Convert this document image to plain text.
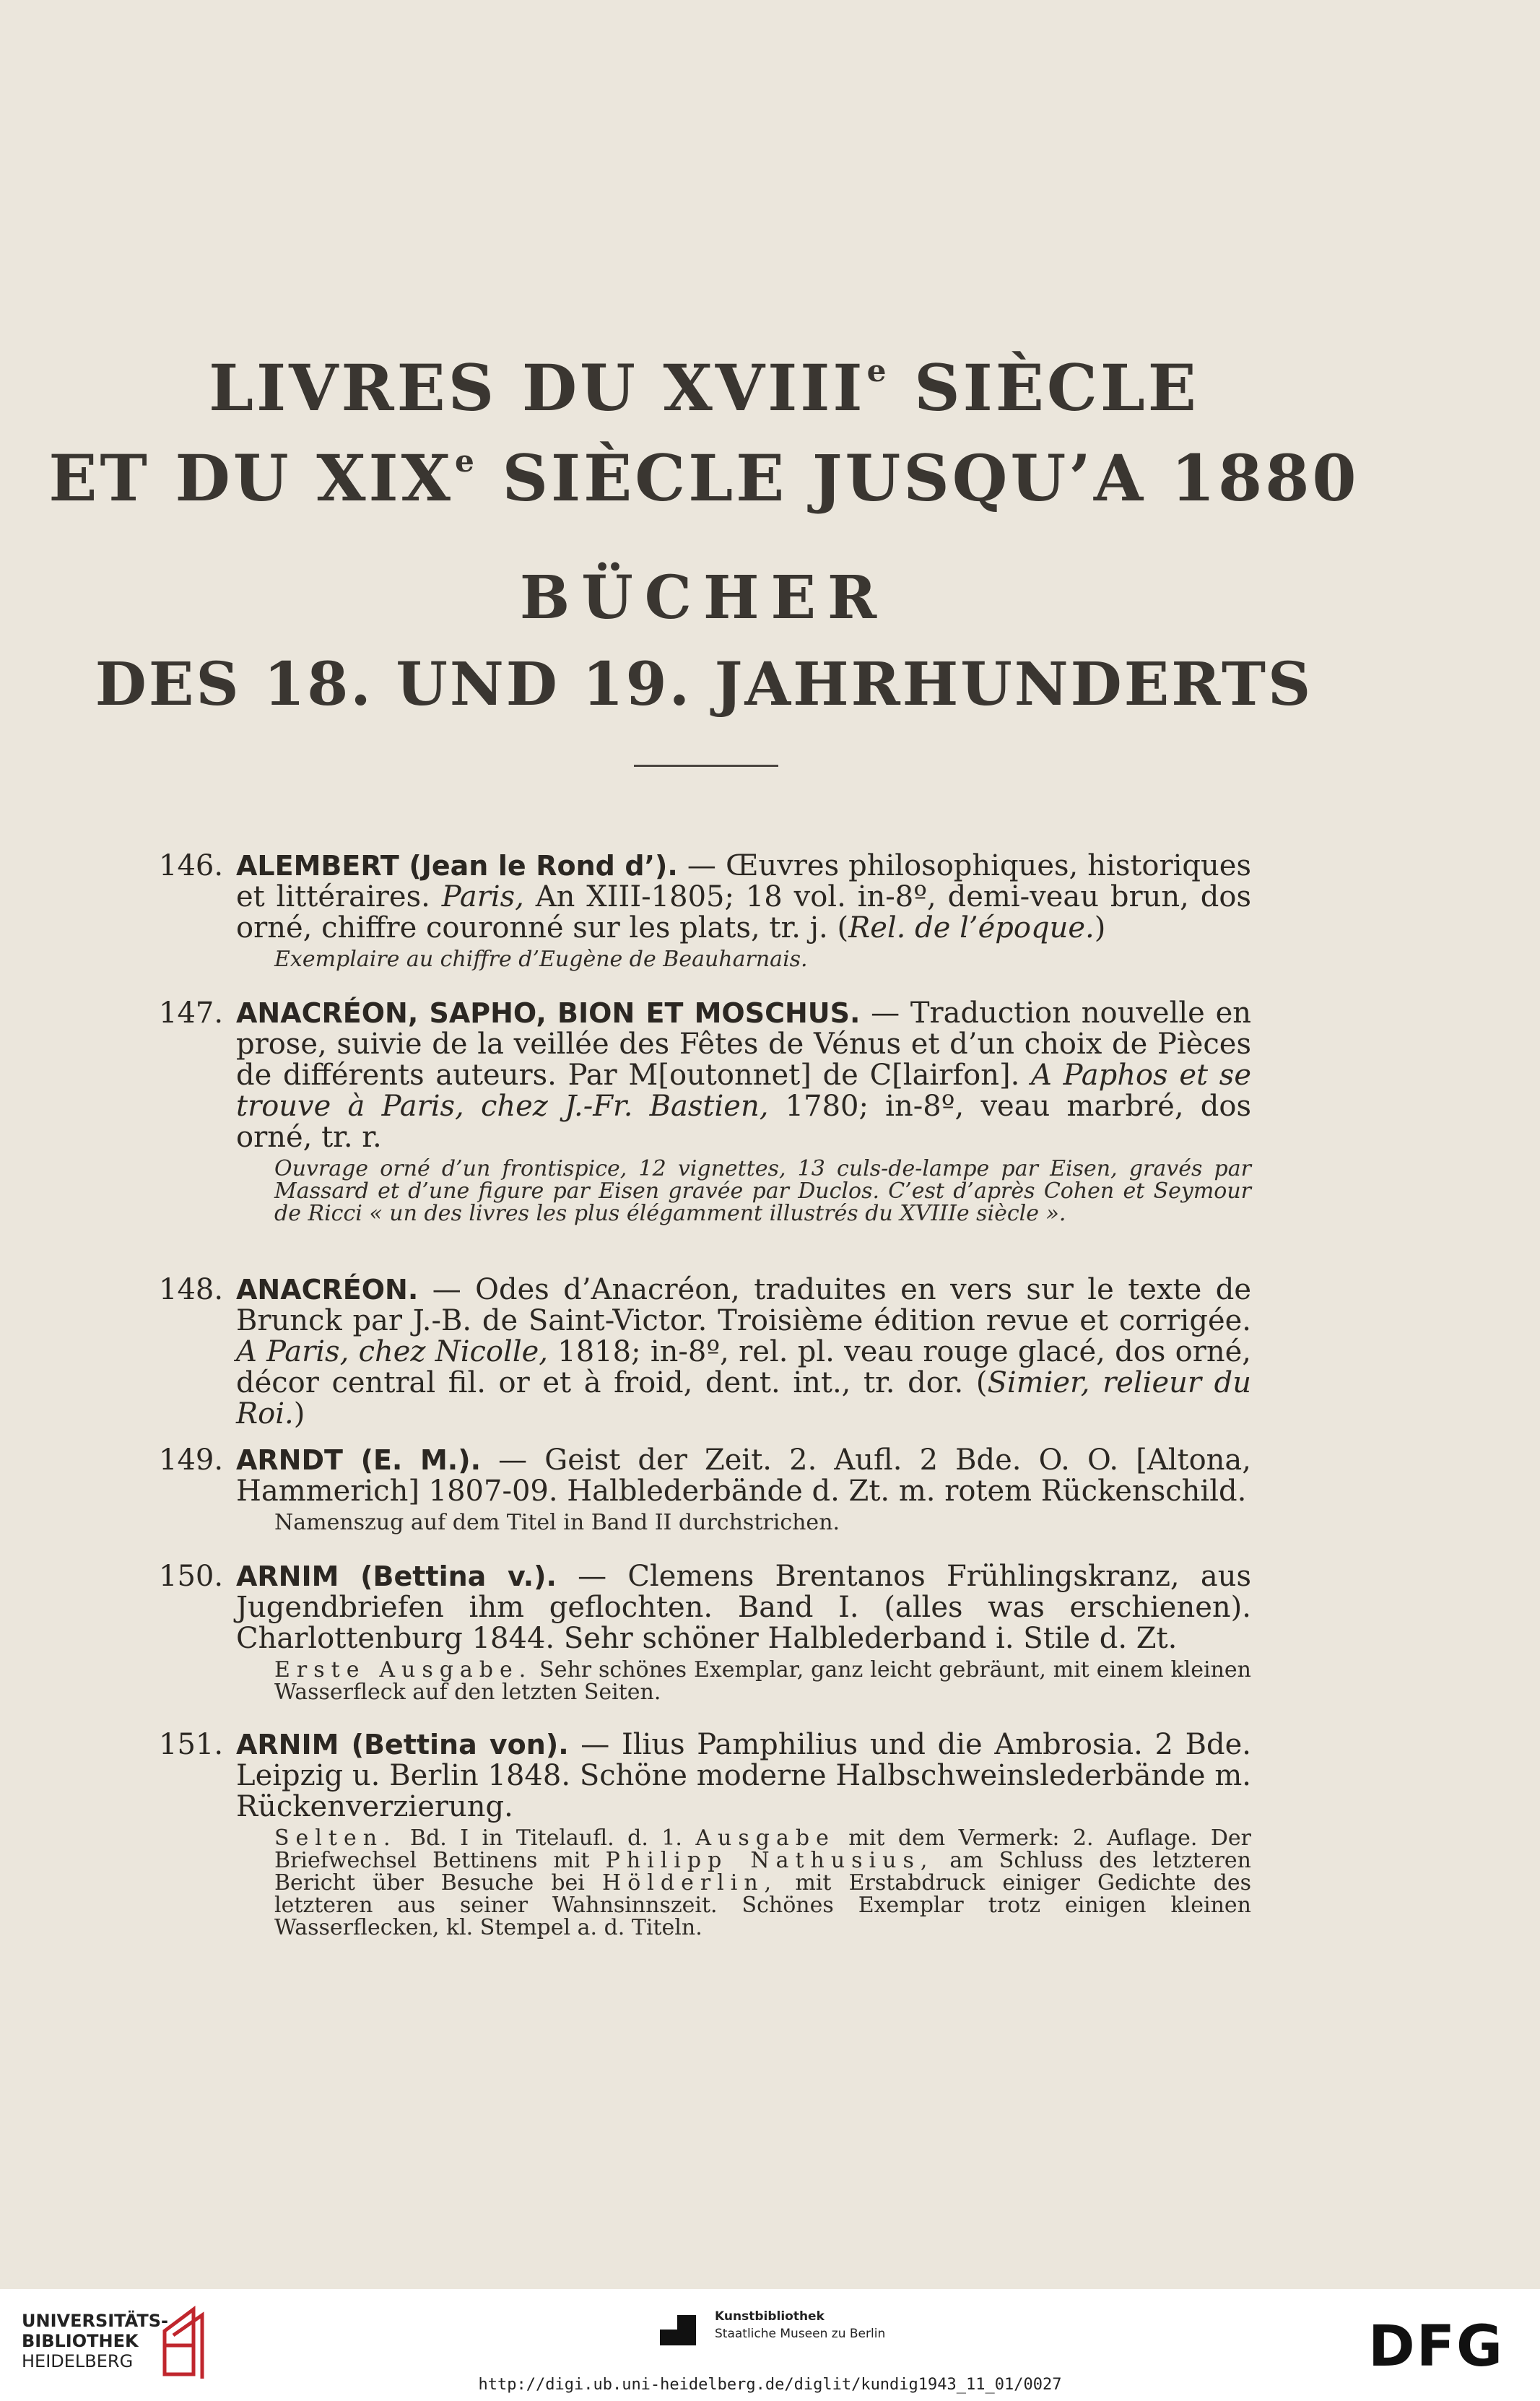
LIVRES DU XVIIIe SIÈCLE
ET DU XIXe SIÈCLE JUSQU’A 1880
BÜCHER
DES 18. UND 19. JAHRHUNDERTS
146. ALEMBERT (Jean le Rond d’). — Œuvres philosophiques, historiques et littéraires. Paris, An XIII-1805; 18 vol. in-8º, demi-veau brun, dos orné, chiffre couronné sur les plats, tr. j. (Rel. de l’époque.)
Exemplaire au chiffre d’Eugène de Beauharnais.
147. ANACRÉON, SAPHO, BION ET MOSCHUS. — Traduction nouvelle en prose, suivie de la veillée des Fêtes de Vénus et d’un choix de Pièces de différents auteurs. Par M[outonnet] de C[lairfon]. A Paphos et se trouve à Paris, chez J.-Fr. Bastien, 1780; in-8º, veau marbré, dos orné, tr. r.
Ouvrage orné d’un frontispice, 12 vignettes, 13 culs-de-lampe par Eisen, gravés par Massard et d’une figure par Eisen gravée par Duclos. C’est d’après Cohen et Seymour de Ricci « un des livres les plus élégamment illustrés du XVIIIe siècle ».
148. ANACRÉON. — Odes d’Anacréon, traduites en vers sur le texte de Brunck par J.-B. de Saint-Victor. Troisième édition revue et corrigée. A Paris, chez Nicolle, 1818; in-8º, rel. pl. veau rouge glacé, dos orné, décor central fil. or et à froid, dent. int., tr. dor. (Simier, relieur du Roi.)
149. ARNDT (E. M.). — Geist der Zeit. 2. Aufl. 2 Bde. O. O. [Altona, Hammerich] 1807-09. Halblederbände d. Zt. m. rotem Rückenschild.
Namenszug auf dem Titel in Band II durchstrichen.
150. ARNIM (Bettina v.). — Clemens Brentanos Frühlingskranz, aus Jugendbriefen ihm geflochten. Band I. (alles was erschienen). Charlottenburg 1844. Sehr schöner Halblederband i. Stile d. Zt.
Erste Ausgabe. Sehr schönes Exemplar, ganz leicht gebräunt, mit einem kleinen Wasserfleck auf den letzten Seiten.
151. ARNIM (Bettina von). — Ilius Pamphilius und die Ambrosia. 2 Bde. Leipzig u. Berlin 1848. Schöne moderne Halbschweinslederbände m. Rückenverzierung.
Selten. Bd. I in Titelaufl. d. 1. Ausgabe mit dem Vermerk: 2. Auflage. Der Briefwechsel Bettinens mit Philipp Nathusius, am Schluss des letzteren Bericht über Besuche bei Hölderlin, mit Erstabdruck einiger Gedichte des letzteren aus seiner Wahnsinnszeit. Schönes Exemplar trotz einigen kleinen Wasserflecken, kl. Stempel a. d. Titeln.
UNIVERSITÄTS-
BIBLIOTHEK
HEIDELBERG
Kunstbibliothek
Staatliche Museen zu Berlin	DFG
http://digi.ub.uni-heidelberg.de/diglit/kundig1943_11_01/0027
